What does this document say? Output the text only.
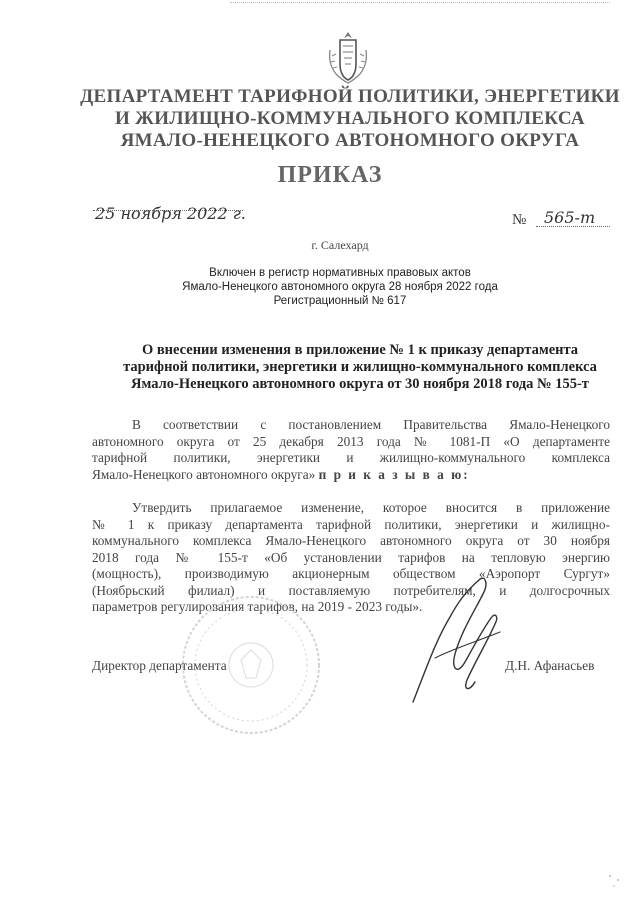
ДЕПАРТАМЕНТ ТАРИФНОЙ ПОЛИТИКИ, ЭНЕРГЕТИКИ
И ЖИЛИЩНО-КОММУНАЛЬНОГО КОМПЛЕКСА
ЯМАЛО-НЕНЕЦКОГО АВТОНОМНОГО ОКРУГА
ПРИКАЗ
25 ноября 2022 г.	№ 565-т
г. Салехард
Включен в регистр нормативных правовых актов
Ямало-Ненецкого автономного округа 28 ноября 2022 года
Регистрационный № 617
О внесении изменения в приложение № 1 к приказу департамента
тарифной политики, энергетики и жилищно-коммунального комплекса
Ямало-Ненецкого автономного округа от 30 ноября 2018 года № 155-т
В соответствии с постановлением Правительства Ямало-Ненецкого
автономного округа от 25 декабря 2013 года № 1081-П «О департаменте
тарифной политики, энергетики и жилищно-коммунального комплекса
Ямало-Ненецкого автономного округа» п р и к а з ы в а ю:
Утвердить прилагаемое изменение, которое вносится в приложение
№ 1 к приказу департамента тарифной политики, энергетики и жилищно-
коммунального комплекса Ямало-Ненецкого автономного округа от 30 ноября
2018 года № 155-т «Об установлении тарифов на тепловую энергию
(мощность), производимую акционерным обществом «Аэропорт Сургут»
(Ноябрьский филиал) и поставляемую потребителям, и долгосрочных
параметров регулирования тарифов, на 2019 - 2023 годы».
Директор департамента	Д.Н. Афанасьев
